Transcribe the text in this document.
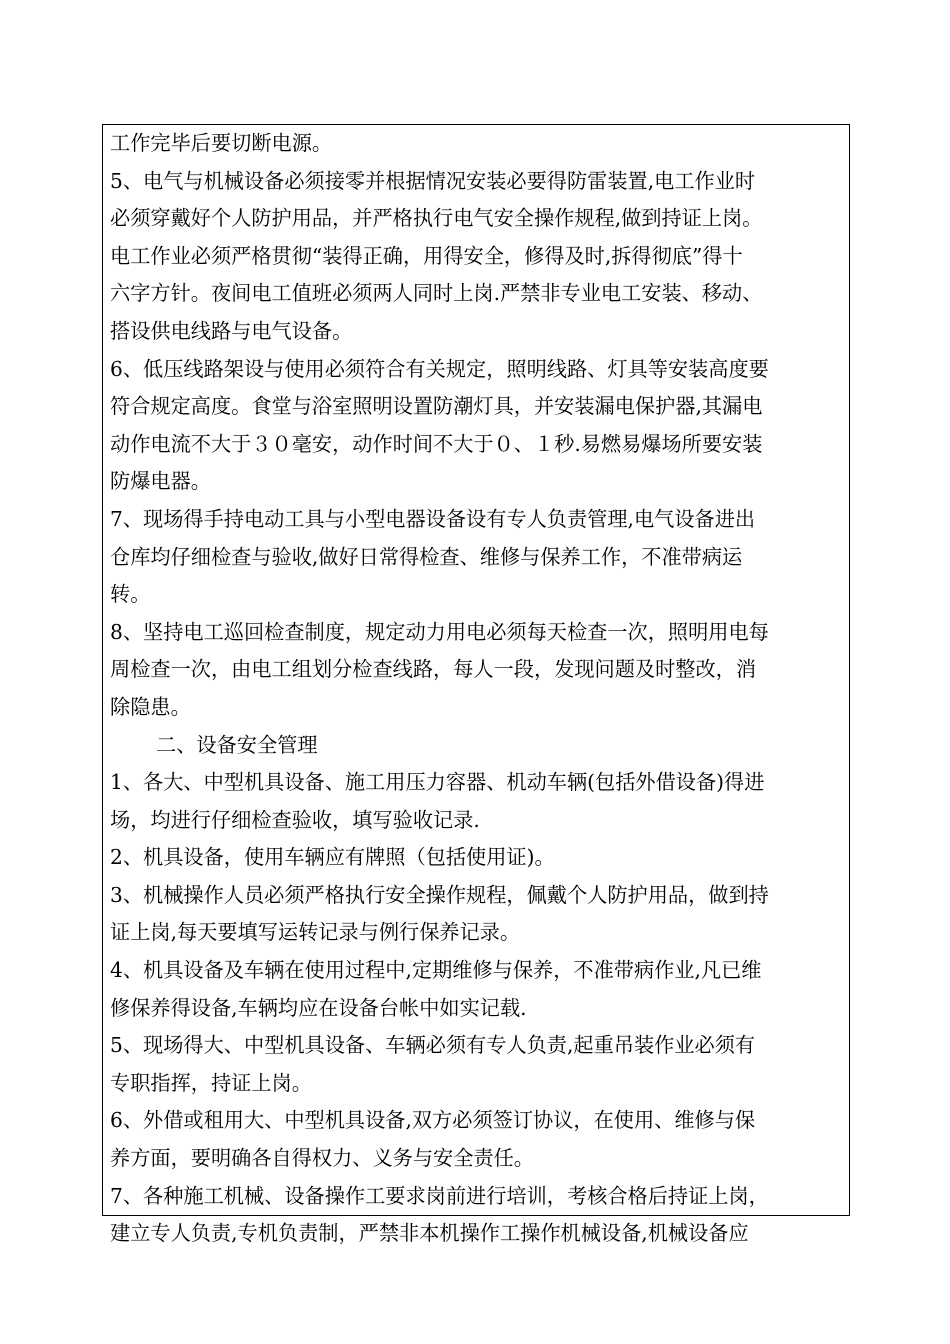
工作完毕后要切断电源。
5、电气与机械设备必须接零并根据情况安装必要得防雷装置,电工作业时
必须穿戴好个人防护用品，并严格执行电气安全操作规程,做到持证上岗。
电工作业必须严格贯彻“装得正确，用得安全，修得及时,拆得彻底”得十
六字方针。夜间电工值班必须两人同时上岗.严禁非专业电工安装、移动、
搭设供电线路与电气设备。
6、低压线路架设与使用必须符合有关规定，照明线路、灯具等安装高度要
符合规定高度。食堂与浴室照明设置防潮灯具，并安装漏电保护器,其漏电
动作电流不大于３０毫安，动作时间不大于０、１秒.易燃易爆场所要安装
防爆电器。
7、现场得手持电动工具与小型电器设备设有专人负责管理,电气设备进出
仓库均仔细检查与验收,做好日常得检查、维修与保养工作，不准带病运
转。
8、坚持电工巡回检查制度，规定动力用电必须每天检查一次，照明用电每
周检查一次，由电工组划分检查线路，每人一段，发现问题及时整改，消
除隐患。
二、设备安全管理
1、各大、中型机具设备、施工用压力容器、机动车辆(包括外借设备)得进
场，均进行仔细检查验收，填写验收记录.
2、机具设备，使用车辆应有牌照（包括使用证)。
3、机械操作人员必须严格执行安全操作规程，佩戴个人防护用品，做到持
证上岗,每天要填写运转记录与例行保养记录。
4、机具设备及车辆在使用过程中,定期维修与保养，不准带病作业,凡已维
修保养得设备,车辆均应在设备台帐中如实记载.
5、现场得大、中型机具设备、车辆必须有专人负责,起重吊装作业必须有
专职指挥，持证上岗。
6、外借或租用大、中型机具设备,双方必须签订协议，在使用、维修与保
养方面，要明确各自得权力、义务与安全责任。
7、各种施工机械、设备操作工要求岗前进行培训，考核合格后持证上岗，
建立专人负责,专机负责制，严禁非本机操作工操作机械设备,机械设备应
